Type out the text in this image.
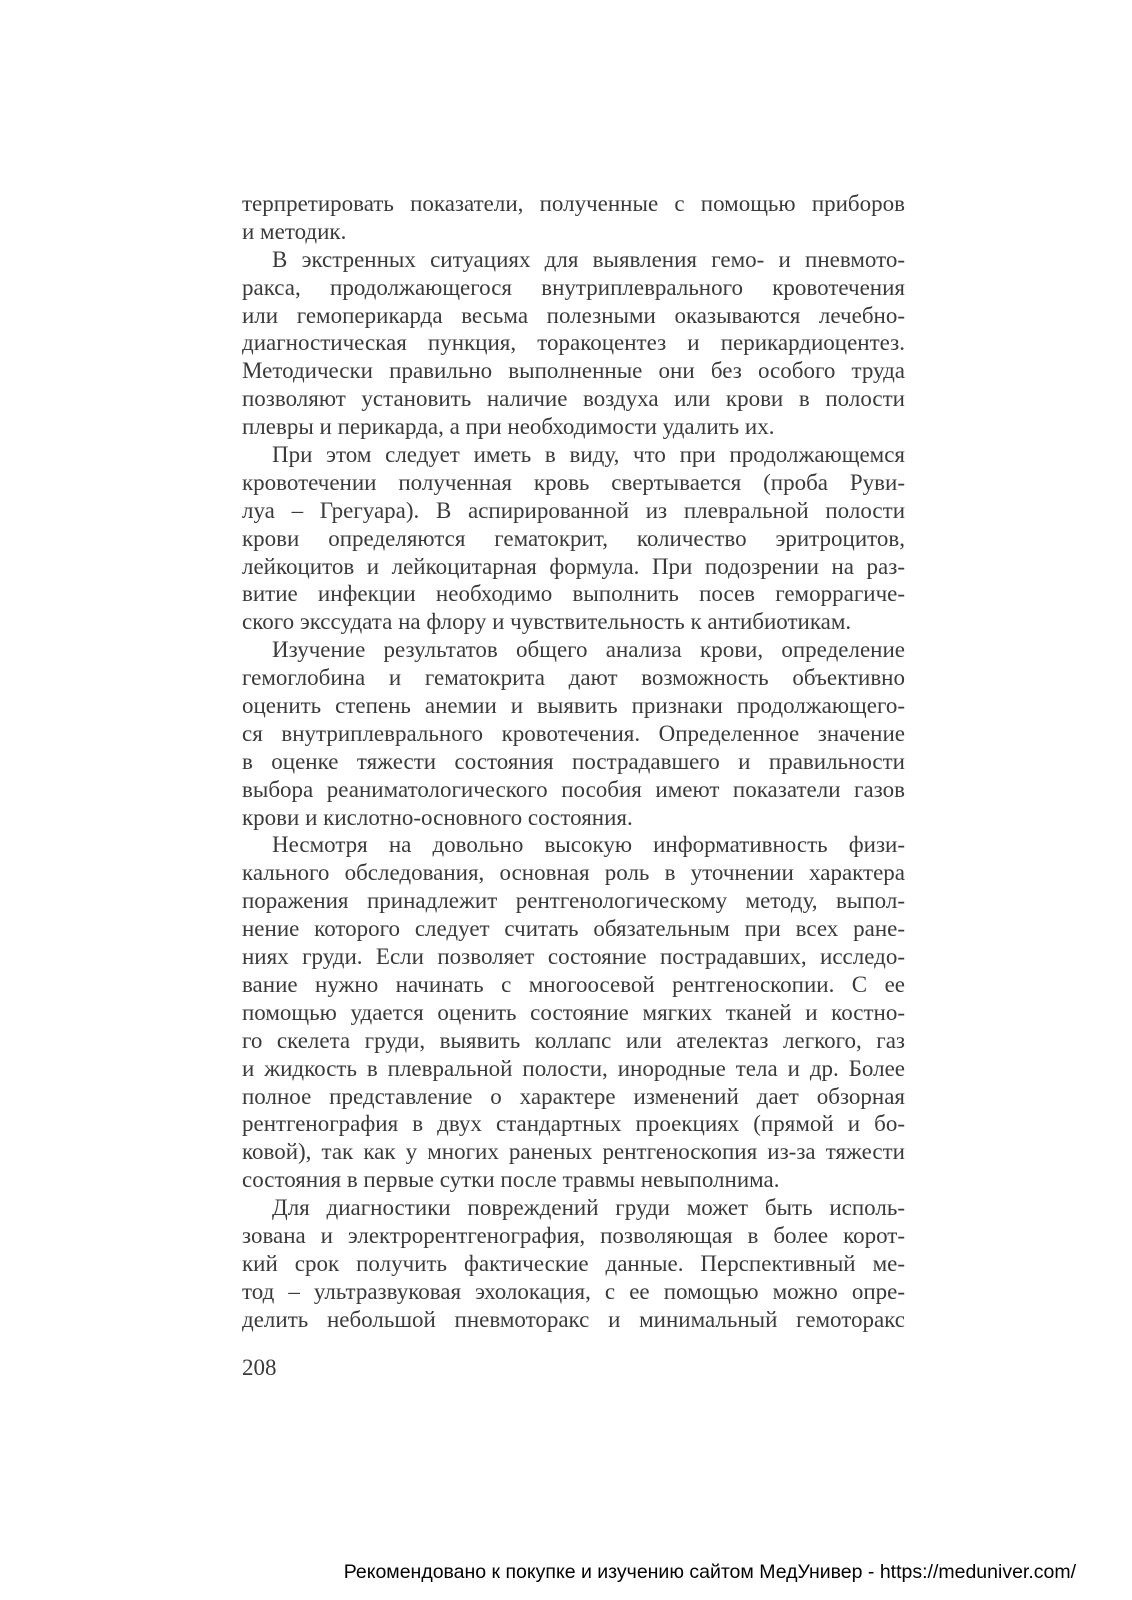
терпретировать показатели, полученные с помощью приборов
и методик.
В экстренных ситуациях для выявления гемо- и пневмото-
ракса, продолжающегося внутриплеврального кровотечения
или гемоперикарда весьма полезными оказываются лечебно-
диагностическая пункция, торакоцентез и перикардиоцентез.
Методически правильно выполненные они без особого труда
позволяют установить наличие воздуха или крови в полости
плевры и перикарда, а при необходимости удалить их.
При этом следует иметь в виду, что при продолжающемся
кровотечении полученная кровь свертывается (проба Руви-
луа – Грегуара). В аспирированной из плевральной полости
крови определяются гематокрит, количество эритроцитов,
лейкоцитов и лейкоцитарная формула. При подозрении на раз-
витие инфекции необходимо выполнить посев геморрагиче-
ского экссудата на флору и чувствительность к антибиотикам.
Изучение результатов общего анализа крови, определение
гемоглобина и гематокрита дают возможность объективно
оценить степень анемии и выявить признаки продолжающего-
ся внутриплеврального кровотечения. Определенное значение
в оценке тяжести состояния пострадавшего и правильности
выбора реаниматологического пособия имеют показатели газов
крови и кислотно-основного состояния.
Несмотря на довольно высокую информативность физи-
кального обследования, основная роль в уточнении характера
поражения принадлежит рентгенологическому методу, выпол-
нение которого следует считать обязательным при всех ране-
ниях груди. Если позволяет состояние пострадавших, исследо-
вание нужно начинать с многоосевой рентгеноскопии. С ее
помощью удается оценить состояние мягких тканей и костно-
го скелета груди, выявить коллапс или ателектаз легкого, газ
и жидкость в плевральной полости, инородные тела и др. Более
полное представление о характере изменений дает обзорная
рентгенография в двух стандартных проекциях (прямой и бо-
ковой), так как у многих раненых рентгеноскопия из-за тяжести
состояния в первые сутки после травмы невыполнима.
Для диагностики повреждений груди может быть исполь-
зована и электрорентгенография, позволяющая в более корот-
кий срок получить фактические данные. Перспективный ме-
тод – ультразвуковая эхолокация, с ее помощью можно опре-
делить небольшой пневмоторакс и минимальный гемоторакс
208
Рекомендовано к покупке и изучению сайтом МедУнивер - https://meduniver.com/
